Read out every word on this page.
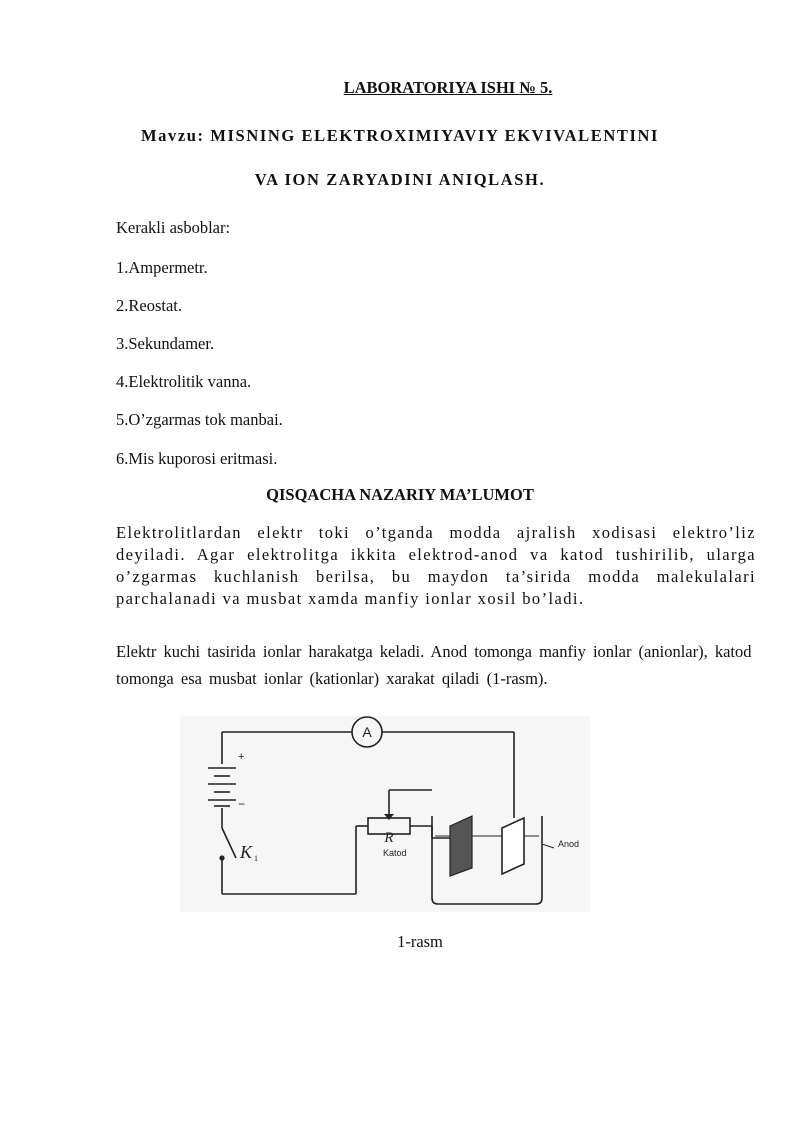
LABORATORIYA ISHI № 5.
Mavzu: MISNING ELEKTROXIMIYAVIY EKVIVALENTINI
VA ION ZARYADINI ANIQLASH.
Kerakli asboblar:
1.Ampermetr.
2.Reostat.
3.Sekundamer.
4.Elektrolitik vanna.
5.O’zgarmas tok manbai.
6.Mis kuporosi eritmasi.
QISQACHA NAZARIY MA’LUMOT
Elektrolitlardan elektr toki o’tganda modda ajralish xodisasi elektro’liz deyiladi. Agar elektrolitga ikkita elektrod-anod va katod tushirilib, ularga o’zgarmas kuchlanish berilsa, bu maydon ta’sirida modda malekulalari parchalanadi va musbat xamda manfiy ionlar xosil bo’ladi.
Elektr kuchi tasirida ionlar harakatga keladi. Anod tomonga manfiy ionlar (anionlar), katod tomonga esa musbat ionlar (kationlar) xarakat qiladi (1-rasm).
A
R
+
−
K 1
Katod
Anod
1-rasm
